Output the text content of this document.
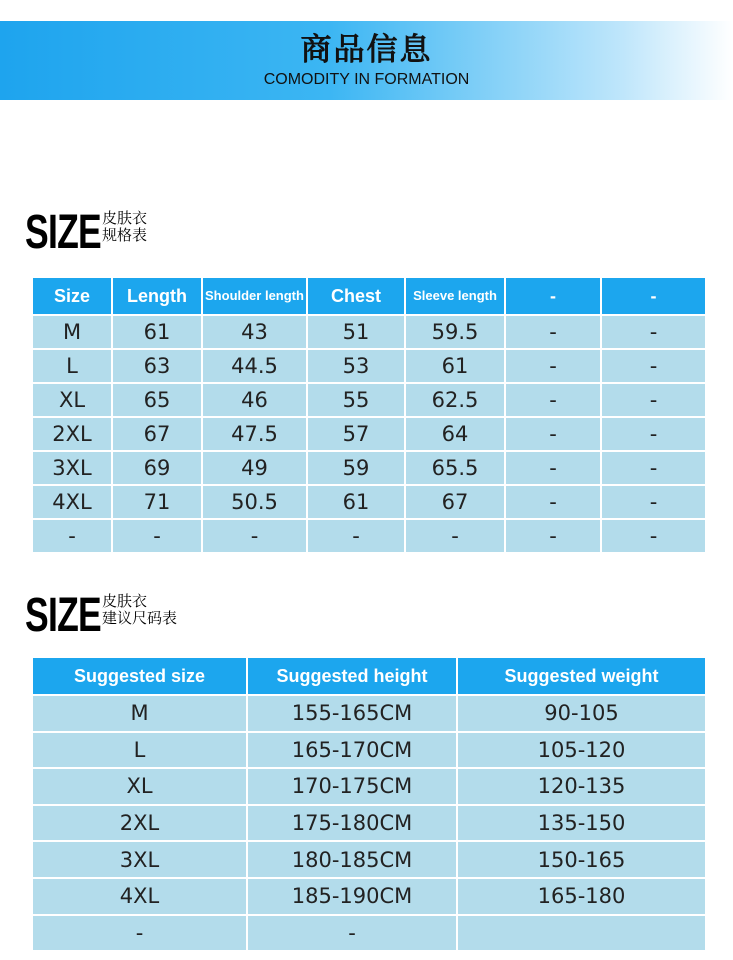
商品信息
COMODITY IN FORMATION
SIZE 皮肤衣
规格表
Size	Length	Shoulder length	Chest	Sleeve length	-	-
M	61	43	51	59.5	-	-
L	63	44.5	53	61	-	-
XL	65	46	55	62.5	-	-
2XL	67	47.5	57	64	-	-
3XL	69	49	59	65.5	-	-
4XL	71	50.5	61	67	-	-
-	-	-	-	-	-	-
SIZE 皮肤衣
建议尺码表
Suggested size	Suggested height	Suggested weight
M	155-165CM	90-105
L	165-170CM	105-120
XL	170-175CM	120-135
2XL	175-180CM	135-150
3XL	180-185CM	150-165
4XL	185-190CM	165-180
-	-	
